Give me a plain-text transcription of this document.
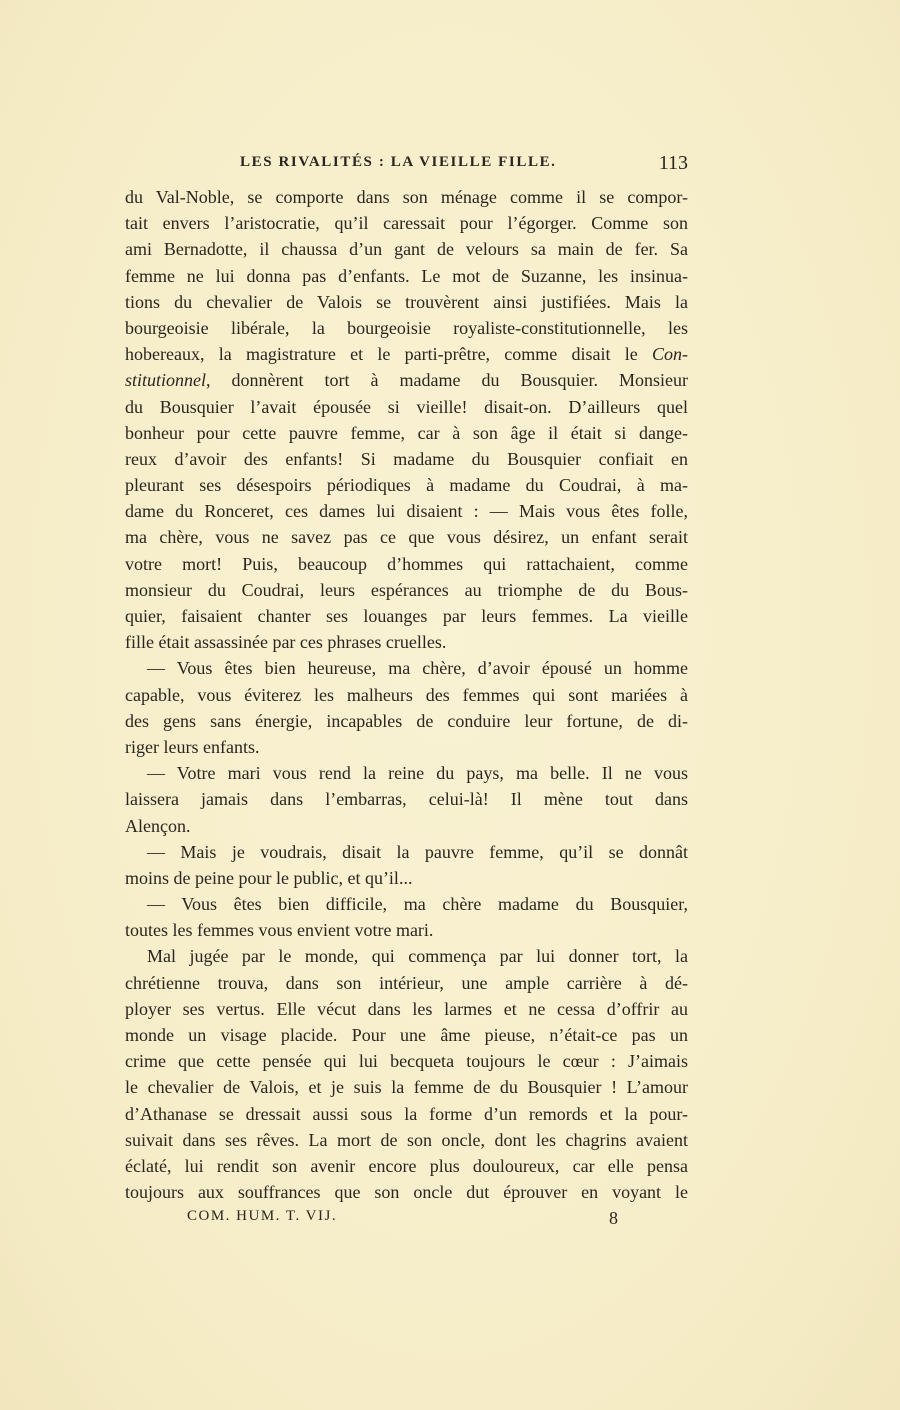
LES RIVALITÉS : LA VIEILLE FILLE.	113
du Val-Noble, se comporte dans son ménage comme il se compor-
tait envers l’aristocratie, qu’il caressait pour l’égorger. Comme son
ami Bernadotte, il chaussa d’un gant de velours sa main de fer. Sa
femme ne lui donna pas d’enfants. Le mot de Suzanne, les insinua-
tions du chevalier de Valois se trouvèrent ainsi justifiées. Mais la
bourgeoisie libérale, la bourgeoisie royaliste-constitutionnelle, les
hobereaux, la magistrature et le parti-prêtre, comme disait le Con-
stitutionnel, donnèrent tort à madame du Bousquier. Monsieur
du Bousquier l’avait épousée si vieille! disait-on. D’ailleurs quel
bonheur pour cette pauvre femme, car à son âge il était si dange-
reux d’avoir des enfants! Si madame du Bousquier confiait en
pleurant ses désespoirs périodiques à madame du Coudrai, à ma-
dame du Ronceret, ces dames lui disaient : — Mais vous êtes folle,
ma chère, vous ne savez pas ce que vous désirez, un enfant serait
votre mort! Puis, beaucoup d’hommes qui rattachaient, comme
monsieur du Coudrai, leurs espérances au triomphe de du Bous-
quier, faisaient chanter ses louanges par leurs femmes. La vieille
fille était assassinée par ces phrases cruelles.
— Vous êtes bien heureuse, ma chère, d’avoir épousé un homme
capable, vous éviterez les malheurs des femmes qui sont mariées à
des gens sans énergie, incapables de conduire leur fortune, de di-
riger leurs enfants.
— Votre mari vous rend la reine du pays, ma belle. Il ne vous
laissera jamais dans l’embarras, celui-là! Il mène tout dans
Alençon.
— Mais je voudrais, disait la pauvre femme, qu’il se donnât
moins de peine pour le public, et qu’il...
— Vous êtes bien difficile, ma chère madame du Bousquier,
toutes les femmes vous envient votre mari.
Mal jugée par le monde, qui commença par lui donner tort, la
chrétienne trouva, dans son intérieur, une ample carrière à dé-
ployer ses vertus. Elle vécut dans les larmes et ne cessa d’offrir au
monde un visage placide. Pour une âme pieuse, n’était-ce pas un
crime que cette pensée qui lui becqueta toujours le cœur : J’aimais
le chevalier de Valois, et je suis la femme de du Bousquier ! L’amour
d’Athanase se dressait aussi sous la forme d’un remords et la pour-
suivait dans ses rêves. La mort de son oncle, dont les chagrins avaient
éclaté, lui rendit son avenir encore plus douloureux, car elle pensa
toujours aux souffrances que son oncle dut éprouver en voyant le
COM. HUM. T. VIJ.	8
